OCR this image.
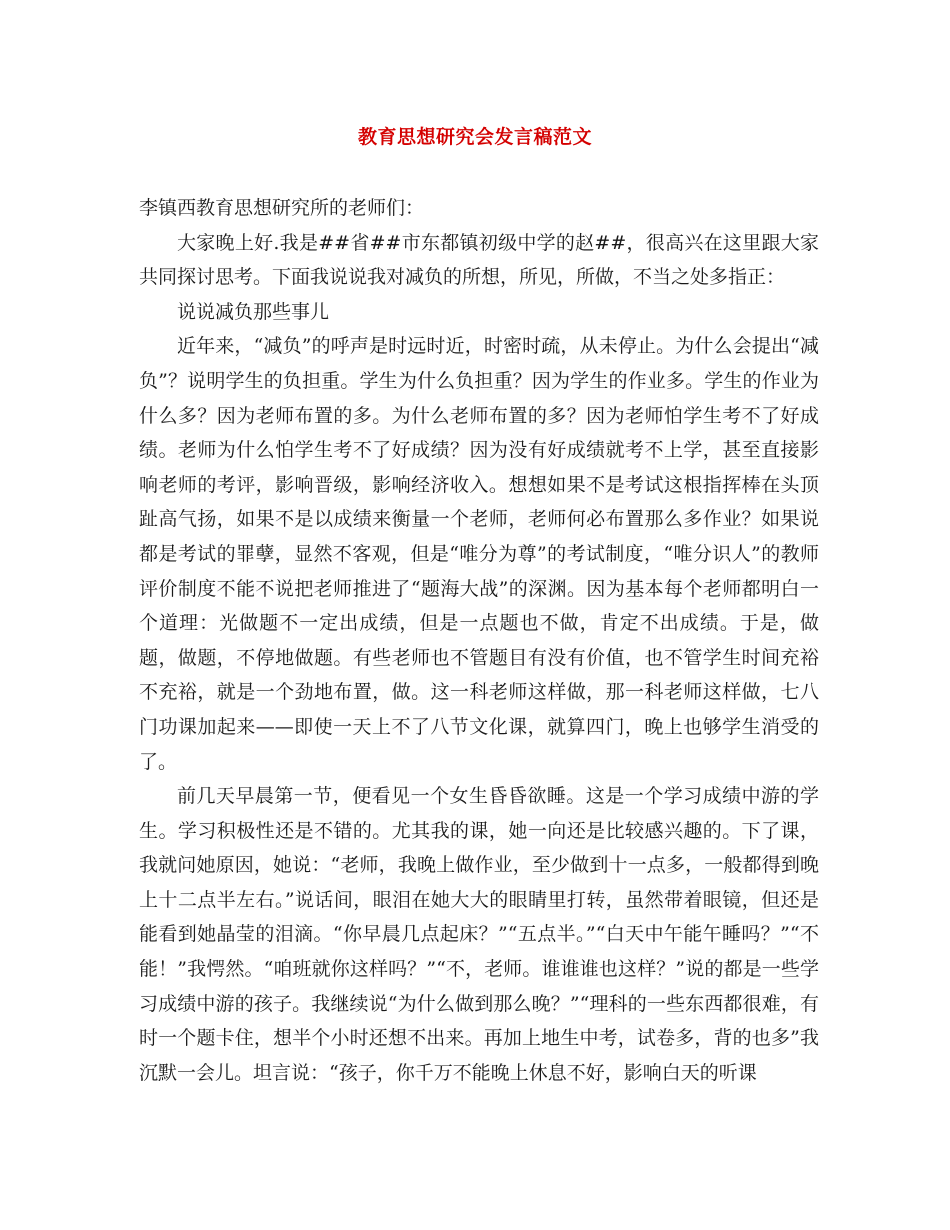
教育思想研究会发言稿范文

李镇西教育思想研究所的老师们：

大家晚上好.我是##省##市东都镇初级中学的赵##，很高兴在这里跟大家共同探讨思考。下面我说说我对减负的所想，所见，所做，不当之处多指正：

说说减负那些事儿

近年来，“减负”的呼声是时远时近，时密时疏，从未停止。为什么会提出“减负”？说明学生的负担重。学生为什么负担重？因为学生的作业多。学生的作业为什么多？因为老师布置的多。为什么老师布置的多？因为老师怕学生考不了好成绩。老师为什么怕学生考不了好成绩？因为没有好成绩就考不上学，甚至直接影响老师的考评，影响晋级，影响经济收入。想想如果不是考试这根指挥棒在头顶趾高气扬，如果不是以成绩来衡量一个老师，老师何必布置那么多作业？如果说都是考试的罪孽，显然不客观，但是“唯分为尊”的考试制度，“唯分识人”的教师评价制度不能不说把老师推进了“题海大战”的深渊。因为基本每个老师都明白一个道理：光做题不一定出成绩，但是一点题也不做，肯定不出成绩。于是，做题，做题，不停地做题。有些老师也不管题目有没有价值，也不管学生时间充裕不充裕，就是一个劲地布置，做。这一科老师这样做，那一科老师这样做，七八门功课加起来——即使一天上不了八节文化课，就算四门，晚上也够学生消受的了。

前几天早晨第一节，便看见一个女生昏昏欲睡。这是一个学习成绩中游的学生。学习积极性还是不错的。尤其我的课，她一向还是比较感兴趣的。下了课，我就问她原因，她说：“老师，我晚上做作业，至少做到十一点多，一般都得到晚上十二点半左右。”说话间，眼泪在她大大的眼睛里打转，虽然带着眼镜，但还是能看到她晶莹的泪滴。“你早晨几点起床？”“五点半。”“白天中午能午睡吗？”“不能！”我愕然。“咱班就你这样吗？”“不，老师。谁谁谁也这样？”说的都是一些学习成绩中游的孩子。我继续说“为什么做到那么晚？”“理科的一些东西都很难，有时一个题卡住，想半个小时还想不出来。再加上地生中考，试卷多，背的也多”我沉默一会儿。坦言说：“孩子，你千万不能晚上休息不好，影响白天的听课
